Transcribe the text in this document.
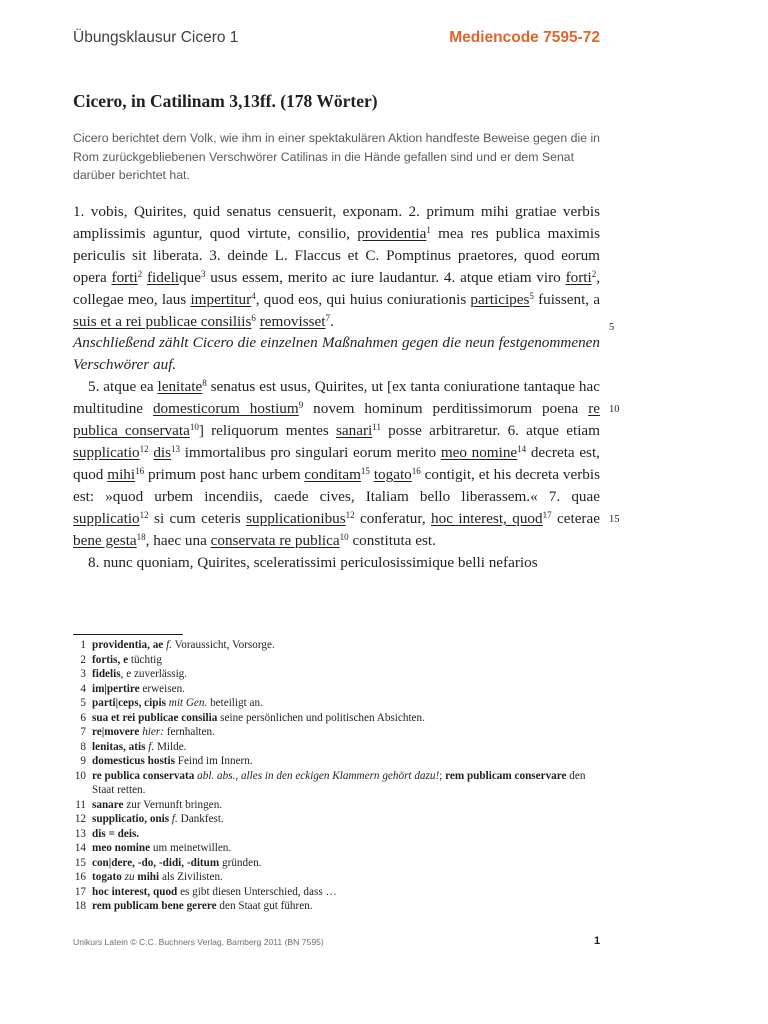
Übungsklausur Cicero 1	Mediencode 7595-72
Cicero, in Catilinam 3,13ff. (178 Wörter)
Cicero berichtet dem Volk, wie ihm in einer spektakulären Aktion handfeste Beweise gegen die in Rom zurückgebliebenen Verschwörer Catilinas in die Hände gefallen sind und er dem Senat darüber berichtet hat.

1. vobis, Quirites, quid senatus censuerit, exponam. 2. primum mihi gratiae verbis amplissimis aguntur, quod virtute, consilio, providentia$^1$ mea res publica maximis periculis sit liberata. 3. deinde L. Flaccus et C. Pomptinus praetores, quod eorum opera forti$^2$ fidelique$^3$ usus essem, merito ac iure laudantur. 4. atque etiam viro forti$^2$, collegae meo, laus impertitur$^4$, quod eos, qui huius coniurationis participes$^5$ fuissent, a suis et a rei publicae consiliis$^6$ removisset$^7$.

Anschließend zählt Cicero die einzelnen Maßnahmen gegen die neun festgenommenen Verschwörer auf.

5. atque ea lenitate$^8$ senatus est usus, Quirites, ut [ex tanta coniuratione tantaque hac multitudine domesticorum hostium$^9$ novem hominum perditissimorum poena re publica conservata$^{10}$] reliquorum mentes sanari$^{11}$ posse arbitraretur. 6. atque etiam supplicatio$^{12}$ dis$^{13}$ immortalibus pro singulari eorum merito meo nomine$^{14}$ decreta est, quod mihi$^{16}$ primum post hanc urbem conditam$^{15}$ togato$^{16}$ contigit, et his decreta verbis est: »quod urbem incendiis, caede cives, Italiam bello liberassem.« 7. quae supplicatio$^{12}$ si cum ceteris supplicationibus$^{12}$ conferatur, hoc interest, quod$^{17}$ ceterae bene gesta$^{18}$, haec una conservata re publica$^{10}$ constituta est.

8. nunc quoniam, Quirites, sceleratissimi periculosissimique belli nefarios

5
10
15
1 providentia, ae f. Voraussicht, Vorsorge.
2 fortis, e tüchtig
3 fidelis, e zuverlässig.
4 im|pertire erweisen.
5 parti|ceps, cipis mit Gen. beteiligt an.
6 sua et rei publicae consilia seine persönlichen und politischen Absichten.
7 re|movere hier: fernhalten.
8 lenitas, atis f. Milde.
9 domesticus hostis Feind im Innern.
10 re publica conservata abl. abs., alles in den eckigen Klammern gehört dazu!; rem publicam conservare den Staat retten.
11 sanare zur Vernunft bringen.
12 supplicatio, onis f. Dankfest.
13 dis = deis.
14 meo nomine um meinetwillen.
15 con|dere, -do, -didi, -ditum gründen.
16 togato zu mihi als Zivilisten.
17 hoc interest, quod es gibt diesen Unterschied, dass …
18 rem publicam bene gerere den Staat gut führen.
Unikurs Latein © C.C. Buchners Verlag, Bamberg 2011 (BN 7595)	1
